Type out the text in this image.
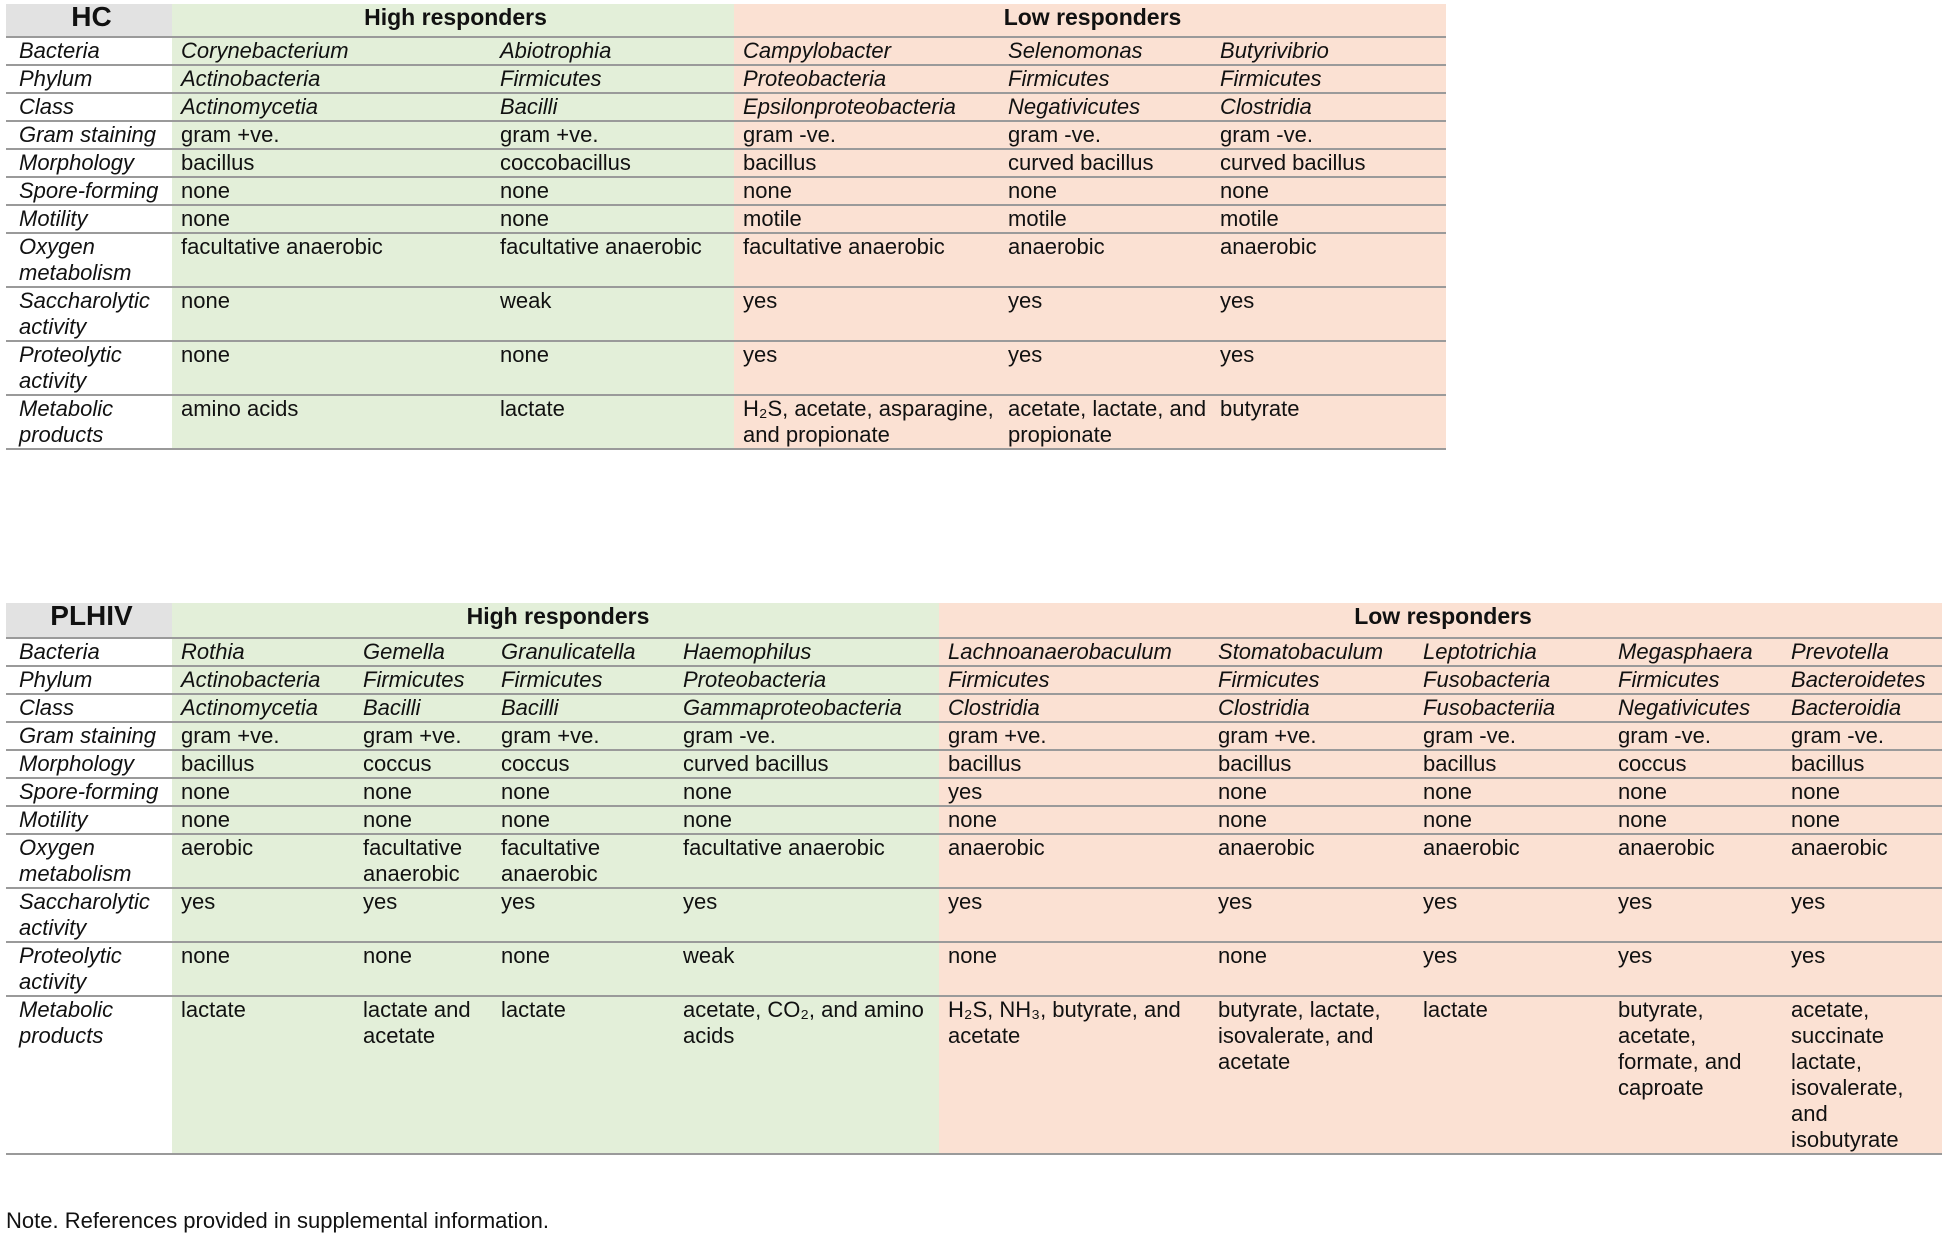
HC	High responders		Low responders		
Bacteria	Corynebacterium	Abiotrophia	Campylobacter	Selenomonas	Butyrivibrio
Phylum	Actinobacteria	Firmicutes	Proteobacteria	Firmicutes	Firmicutes
Class	Actinomycetia	Bacilli	Epsilonproteobacteria	Negativicutes	Clostridia
Gram staining	gram +ve.	gram +ve.	gram -ve.	gram -ve.	gram -ve.
Morphology	bacillus	coccobacillus	bacillus	curved bacillus	curved bacillus
Spore-forming	none	none	none	none	none
Motility	none	none	motile	motile	motile
Oxygen metabolism	facultative anaerobic	facultative anaerobic	facultative anaerobic	anaerobic	anaerobic
Saccharolytic activity	none	weak	yes	yes	yes
Proteolytic activity	none	none	yes	yes	yes
Metabolic products	amino acids	lactate	H₂S, acetate, asparagine, and propionate	acetate, lactate, and propionate	butyrate
PLHIV	High responders				Low responders				
Bacteria	Rothia	Gemella	Granulicatella	Haemophilus	Lachnoanaerobaculum	Stomatobaculum	Leptotrichia	Megasphaera	Prevotella
Phylum	Actinobacteria	Firmicutes	Firmicutes	Proteobacteria	Firmicutes	Firmicutes	Fusobacteria	Firmicutes	Bacteroidetes
Class	Actinomycetia	Bacilli	Bacilli	Gammaproteobacteria	Clostridia	Clostridia	Fusobacteriia	Negativicutes	Bacteroidia
Gram staining	gram +ve.	gram +ve.	gram +ve.	gram -ve.	gram +ve.	gram +ve.	gram -ve.	gram -ve.	gram -ve.
Morphology	bacillus	coccus	coccus	curved bacillus	bacillus	bacillus	bacillus	coccus	bacillus
Spore-forming	none	none	none	none	yes	none	none	none	none
Motility	none	none	none	none	none	none	none	none	none
Oxygen metabolism	aerobic	facultative anaerobic	facultative anaerobic	facultative anaerobic	anaerobic	anaerobic	anaerobic	anaerobic	anaerobic
Saccharolytic activity	yes	yes	yes	yes	yes	yes	yes	yes	yes
Proteolytic activity	none	none	none	weak	none	none	yes	yes	yes
Metabolic products	lactate	lactate and acetate	lactate	acetate, CO₂, and amino acids	H₂S, NH₃, butyrate, and acetate	butyrate, lactate, isovalerate, and acetate	lactate	butyrate, acetate, formate, and caproate	acetate, succinate lactate, isovalerate, and isobutyrate
Note. References provided in supplemental information.
